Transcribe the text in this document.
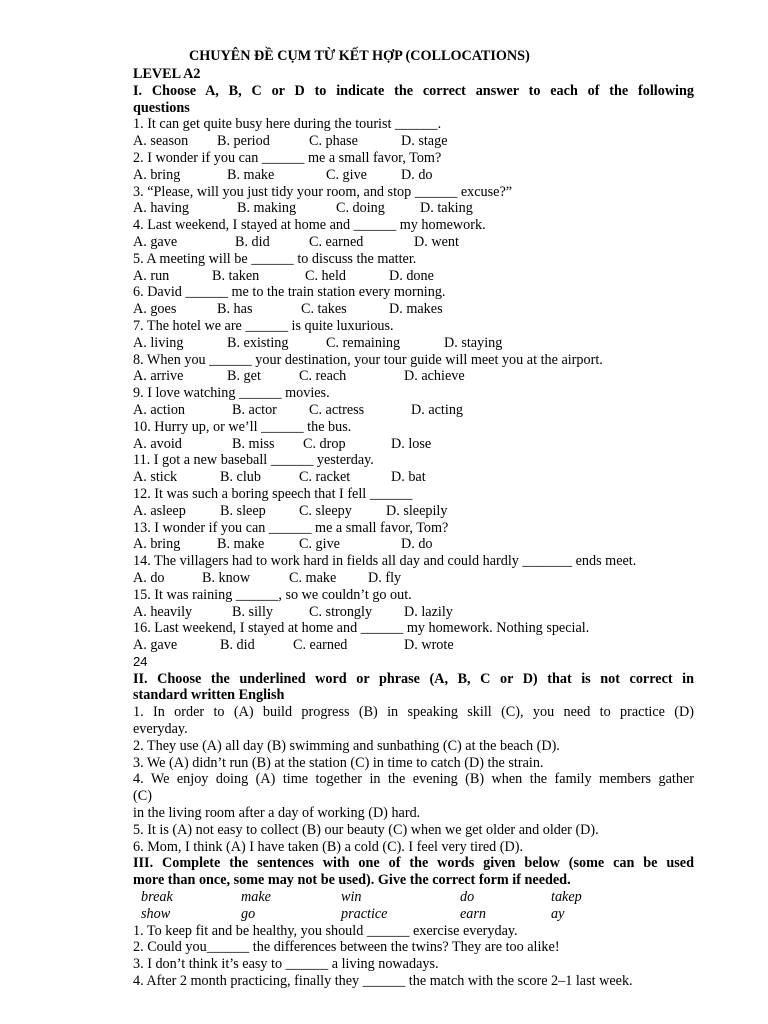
CHUYÊN ĐỀ CỤM TỪ KẾT HỢP (COLLOCATIONS)
LEVEL A2
I. Choose A, B, C or D to indicate the correct answer to each of the following
questions
1. It can get quite busy here during the tourist ______.
A. season B. period	C. phase	D. stage
2. I wonder if you can ______ me a small favor, Tom?
A. bring	B. make	C. give D. do
3. “Please, will you just tidy your room, and stop ______ excuse?”
A. having	B. making	C. doing D. taking
4. Last weekend, I stayed at home and ______ my homework.
A. gave	B. did	C. earned	D. went
5. A meeting will be ______ to discuss the matter.
A. run	B. taken	C. held	D. done
6. David ______ me to the train station every morning.
A. goes	B. has	C. takes	D. makes
7. The hotel we are ______ is quite luxurious.
A. living	B. existing	C. remaining	D. staying
8. When you ______ your destination, your tour guide will meet you at the airport.
A. arrive	B. get	C. reach	D. achieve
9. I love watching ______ movies.
A. action	B. actor C. actress	D. acting
10. Hurry up, or we’ll ______ the bus.
A. avoid	B. miss C. drop	D. lose
11. I got a new baseball ______ yesterday.
A. stick	B. club	C. racket	D. bat
12. It was such a boring speech that I fell ______
A. asleep B. sleep C. sleepy D. sleepily
13. I wonder if you can ______ me a small favor, Tom?
A. bring	B. make C. give	D. do
14. The villagers had to work hard in fields all day and could hardly _______ ends meet.
A. do	B. know	C. make D. fly
15. It was raining ______, so we couldn’t go out.
A. heavily	B. silly	C. strongly D. lazily
16. Last weekend, I stayed at home and ______ my homework. Nothing special.
A. gave	B. did	C. earned	D. wrote
24
II. Choose the underlined word or phrase (A, B, C or D) that is not correct in
standard written English
1. In order to (A) build progress (B) in speaking skill (C), you need to practice (D)
everyday.
2. They use (A) all day (B) swimming and sunbathing (C) at the beach (D).
3. We (A) didn’t run (B) at the station (C) in time to catch (D) the strain.
4. We enjoy doing (A) time together in the evening (B) when the family members gather
(C)
in the living room after a day of working (D) hard.
5. It is (A) not easy to collect (B) our beauty (C) when we get older and older (D).
6. Mom, I think (A) I have taken (B) a cold (C). I feel very tired (D).
III. Complete the sentences with one of the words given below (some can be used
more than once, some may not be used). Give the correct form if needed.
break	make	win	do	takep
show	go	practice	earn	ay
1. To keep fit and be healthy, you should ______ exercise everyday.
2. Could you______ the differences between the twins? They are too alike!
3. I don’t think it’s easy to ______ a living nowadays.
4. After 2 month practicing, finally they ______ the match with the score 2–1 last week.
